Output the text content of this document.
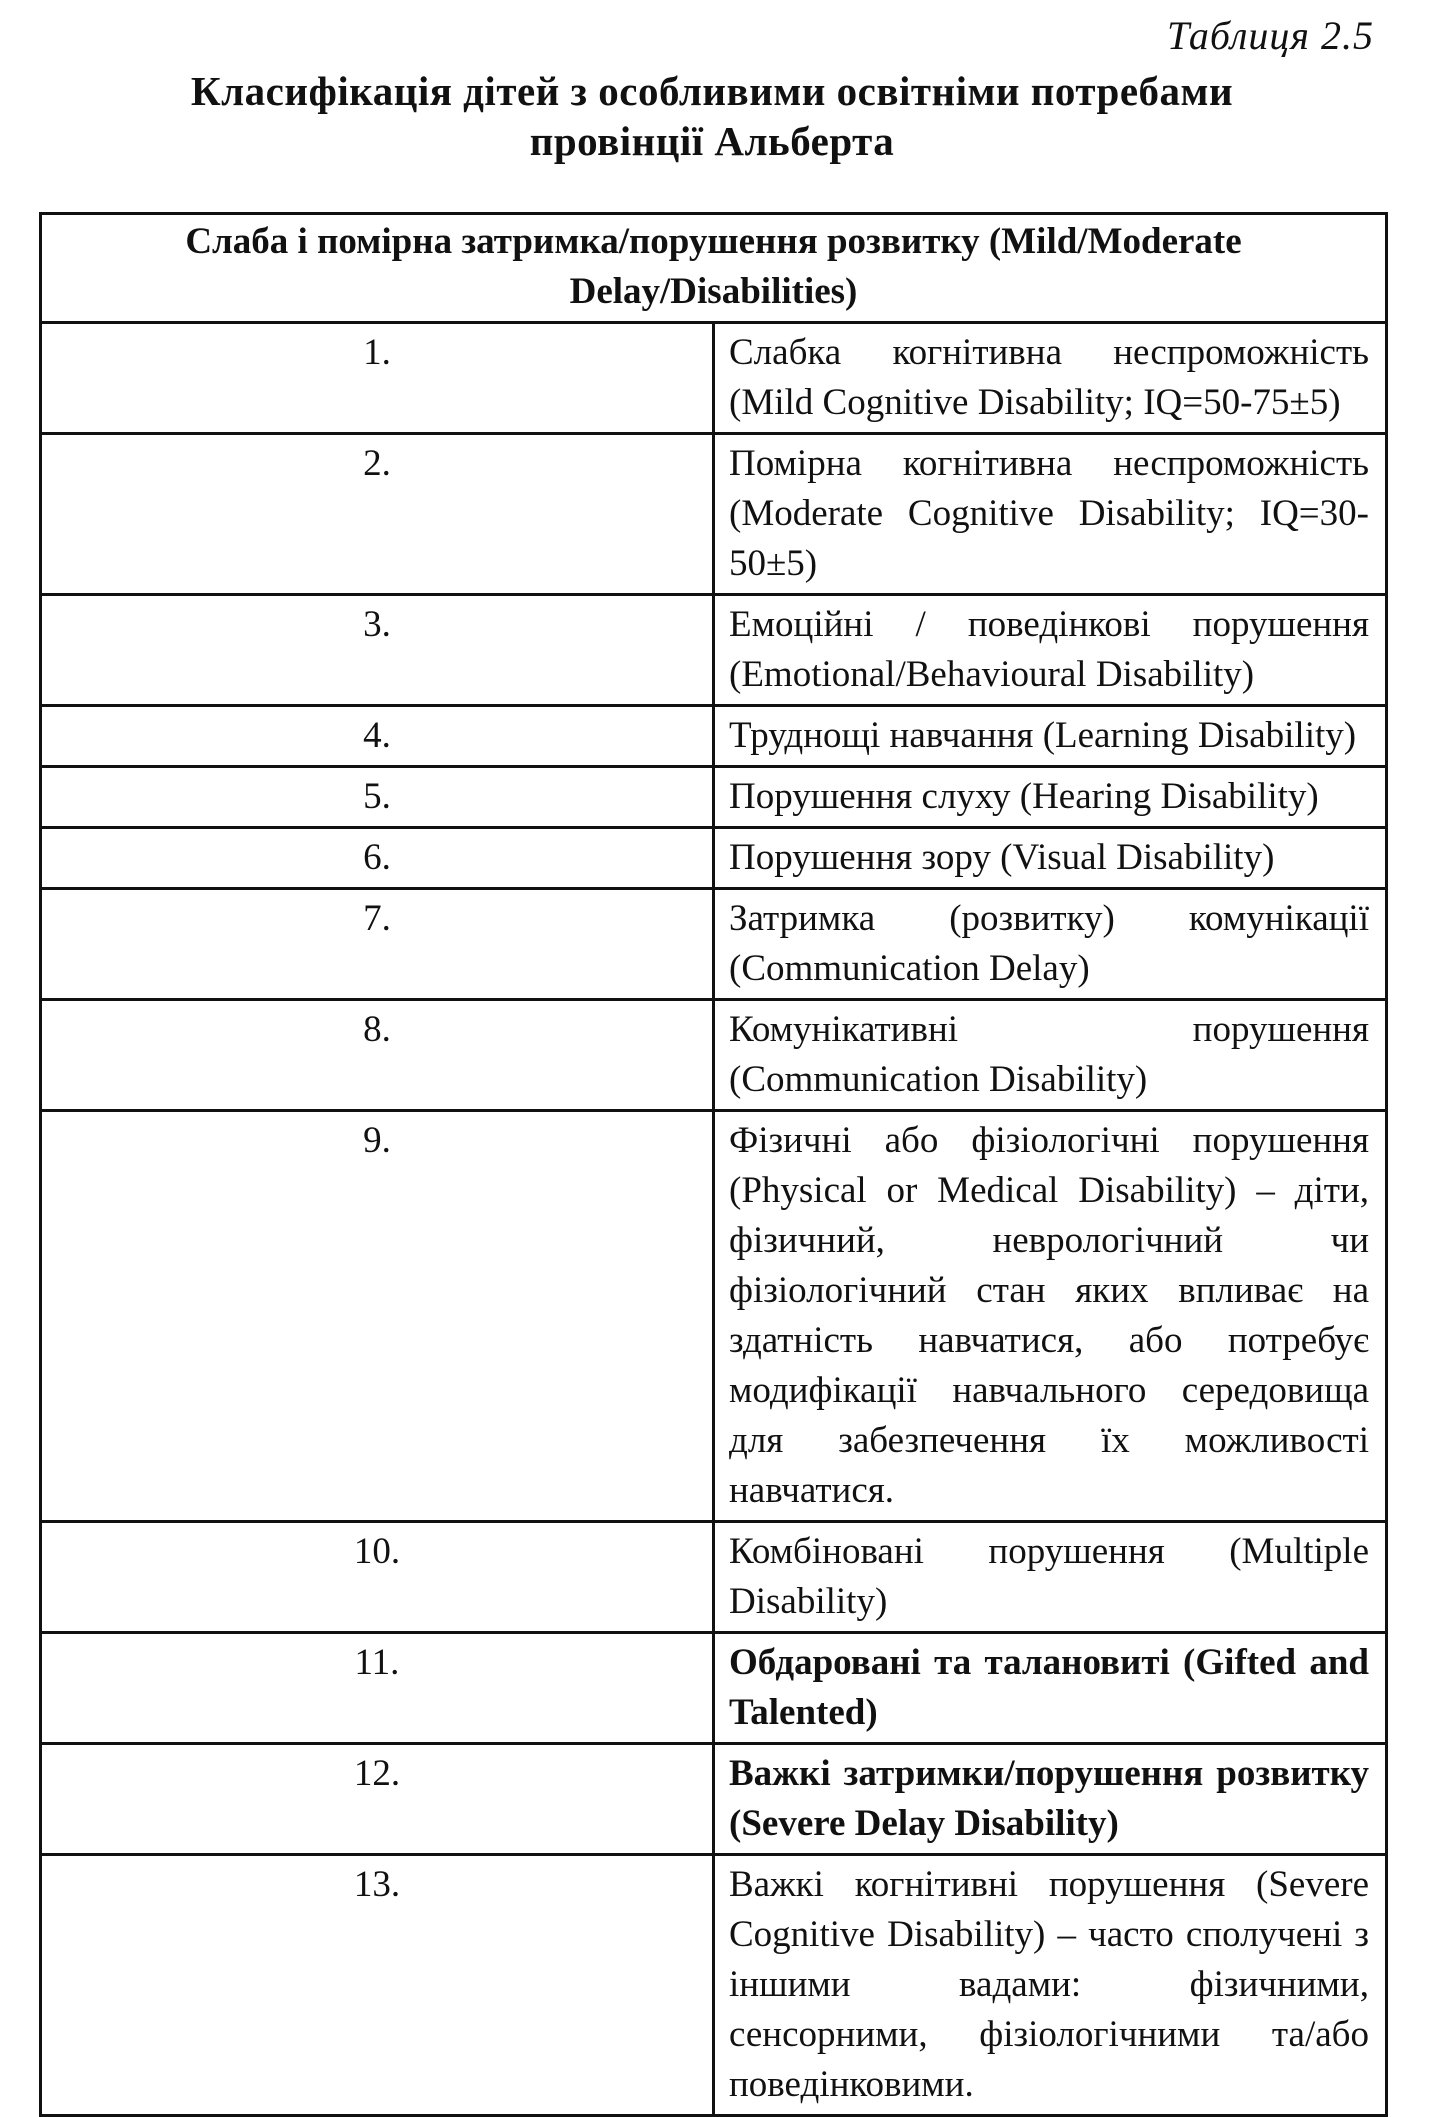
Таблиця 2.5

Класифікація дітей з особливими освітніми потребами
провінції Альберта
Слаба і помірна затримка/порушення розвитку (Mild/Moderate Delay/Disabilities)	
1.	Слабка когнітивна неспроможність (Mild Cognitive Disability; IQ=50-75±5)
2.	Помірна когнітивна неспроможність (Moderate Cognitive Disability; IQ=30-50±5)
3.	Емоційні / поведінкові порушення (Emotional/Behavioural Disability)
4.	Труднощі навчання (Learning Disability)
5.	Порушення слуху (Hearing Disability)
6.	Порушення зору (Visual Disability)
7.	Затримка (розвитку) комунікації (Communication Delay)
8.	Комунікативні порушення (Communication Disability)
9.	Фізичні або фізіологічні порушення (Physical or Medical Disability) – діти, фізичний, неврологічний чи фізіологічний стан яких впливає на здатність навчатися, або потребує модифікації навчального середовища для забезпечення їх можливості навчатися.
10.	Комбіновані порушення (Multiple Disability)
11.	Обдаровані та талановиті (Gifted and Talented)
12.	Важкі затримки/порушення розвитку (Severe Delay Disability)
13.	Важкі когнітивні порушення (Severe Cognitive Disability) – часто сполучені з іншими вадами: фізичними, сенсорними, фізіологічними та/або поведінковими.
